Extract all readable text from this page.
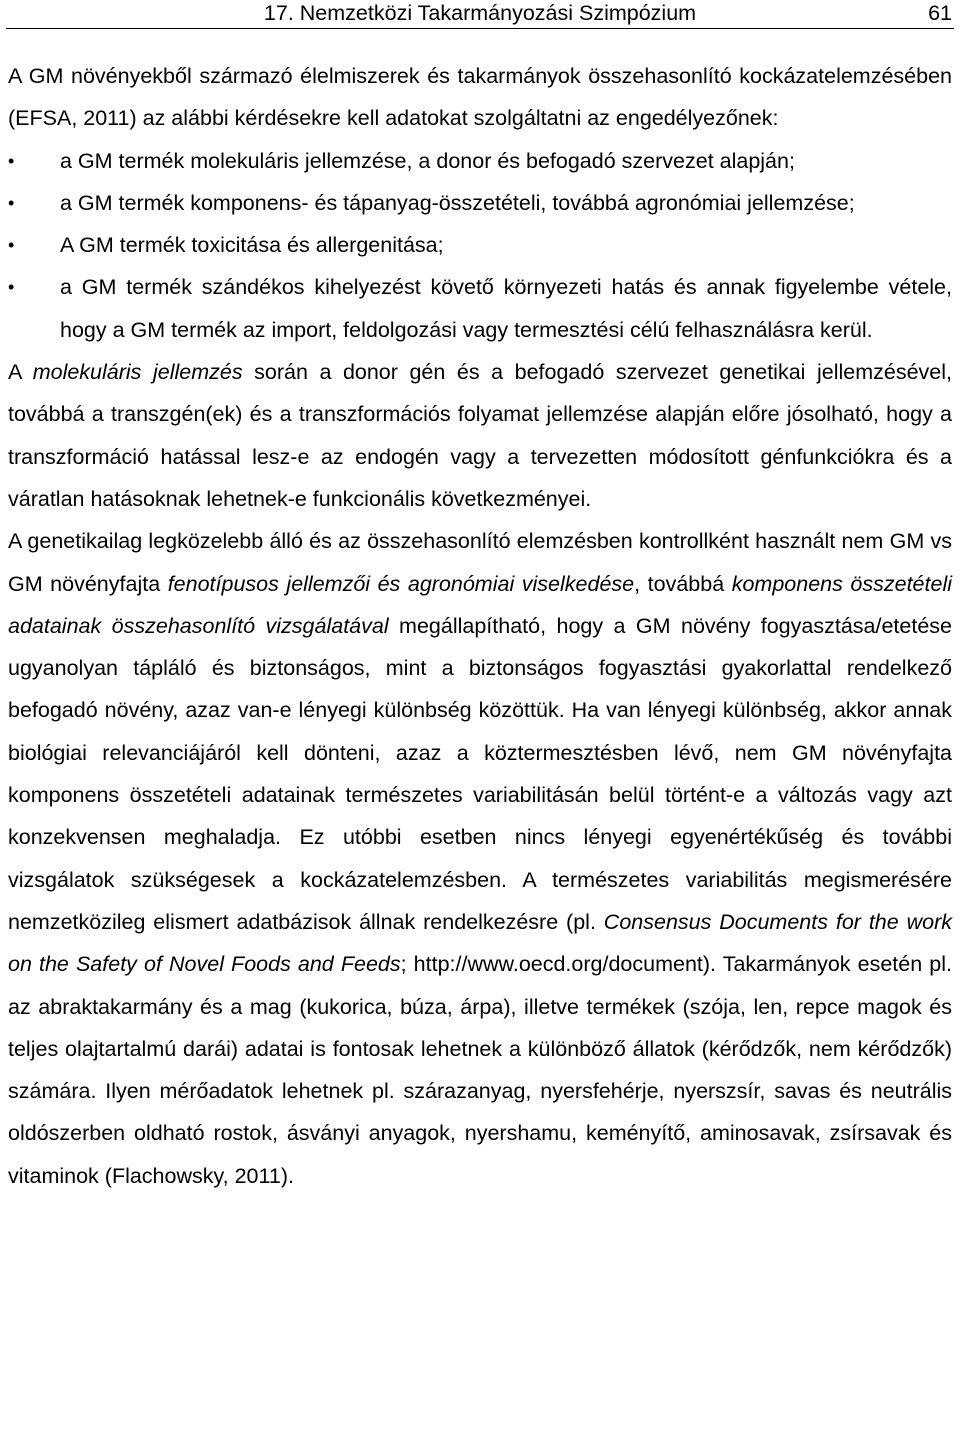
17. Nemzetközi Takarmányozási Szimpózium	61

A GM növényekből származó élelmiszerek és takarmányok összehasonlító kockázatelemzésében (EFSA, 2011) az alábbi kérdésekre kell adatokat szolgáltatni az engedélyezőnek:

•	a GM termék molekuláris jellemzése, a donor és befogadó szervezet alapján;
•	a GM termék komponens- és tápanyag-összetételi, továbbá agronómiai jellemzése;
•	A GM termék toxicitása és allergenitása;
•	a GM termék szándékos kihelyezést követő környezeti hatás és annak figyelembe vétele, hogy a GM termék az import, feldolgozási vagy termesztési célú felhasználásra kerül.

A molekuláris jellemzés során a donor gén és a befogadó szervezet genetikai jellemzésével, továbbá a transzgén(ek) és a transzformációs folyamat jellemzése alapján előre jósolható, hogy a transzformáció hatással lesz-e az endogén vagy a tervezetten módosított génfunkciókra és a váratlan hatásoknak lehetnek-e funkcionális következményei.

A genetikailag legközelebb álló és az összehasonlító elemzésben kontrollként használt nem GM vs GM növényfajta fenotípusos jellemzői és agronómiai viselkedése, továbbá komponens összetételi adatainak összehasonlító vizsgálatával megállapítható, hogy a GM növény fogyasztása/etetése ugyanolyan tápláló és biztonságos, mint a biztonságos fogyasztási gyakorlattal rendelkező befogadó növény, azaz van-e lényegi különbség közöttük. Ha van lényegi különbség, akkor annak biológiai relevanciájáról kell dönteni, azaz a köztermesztésben lévő, nem GM növényfajta komponens összetételi adatainak természetes variabilitásán belül történt-e a változás vagy azt konzekvensen meghaladja. Ez utóbbi esetben nincs lényegi egyenértékűség és további vizsgálatok szükségesek a kockázatelemzésben. A természetes variabilitás megismerésére nemzetközileg elismert adatbázisok állnak rendelkezésre (pl. Consensus Documents for the work on the Safety of Novel Foods and Feeds; http://www.oecd.org/document). Takarmányok esetén pl. az abraktakarmány és a mag (kukorica, búza, árpa), illetve termékek (szója, len, repce magok és teljes olajtartalmú darái) adatai is fontosak lehetnek a különböző állatok (kérődzők, nem kérődzők) számára. Ilyen mérőadatok lehetnek pl. szárazanyag, nyersfehérje, nyerszsír, savas és neutrális oldószerben oldható rostok, ásványi anyagok, nyershamu, keményítő, aminosavak, zsírsavak és vitaminok (Flachowsky, 2011).
